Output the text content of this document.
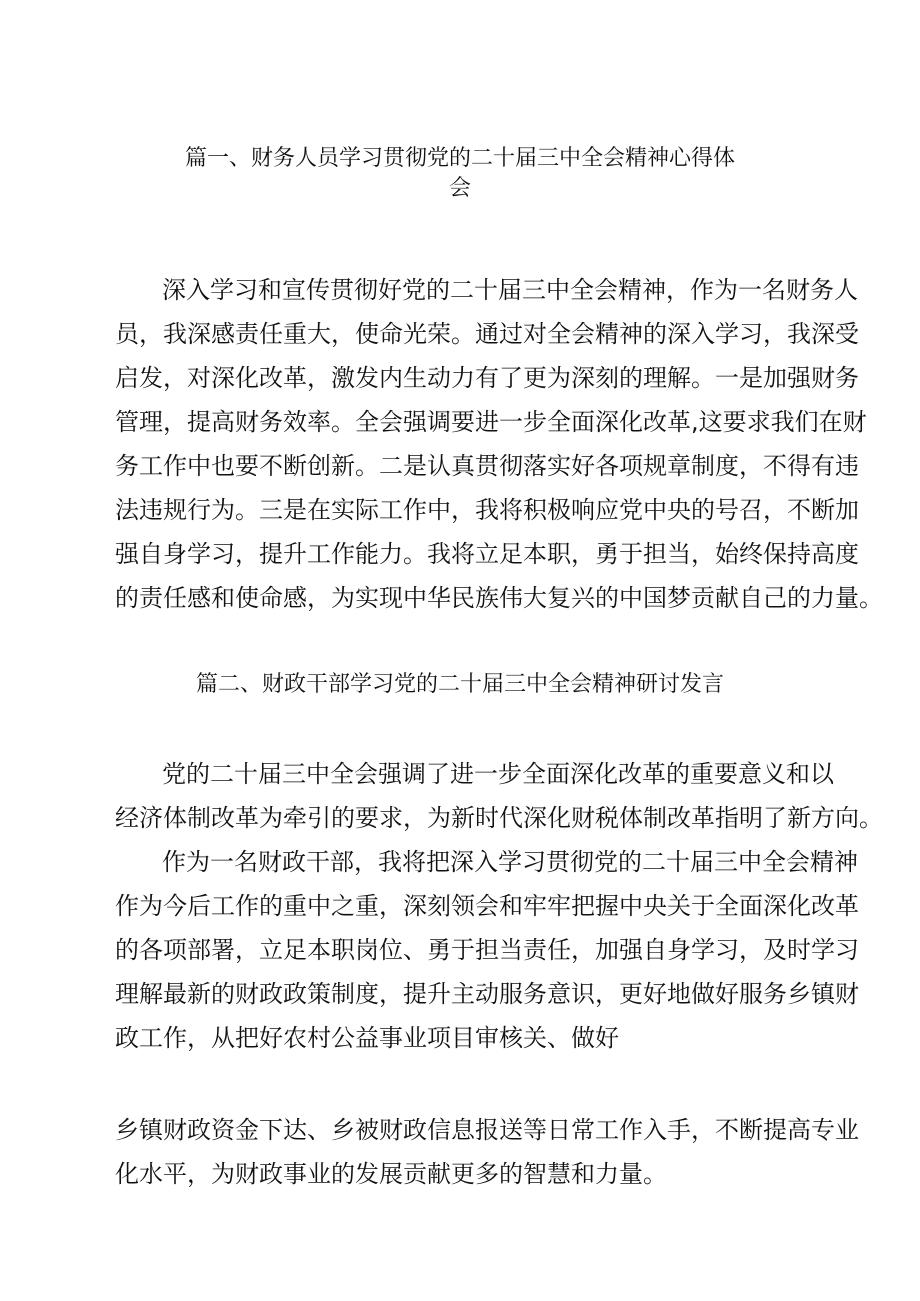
篇一、财务人员学习贯彻党的二十届三中全会精神心得体
会
深入学习和宣传贯彻好党的二十届三中全会精神，作为一名财务人
员，我深感责任重大，使命光荣。通过对全会精神的深入学习，我深受
启发，对深化改革，激发内生动力有了更为深刻的理解。一是加强财务
管理，提高财务效率。全会强调要进一步全面深化改革,这要求我们在财
务工作中也要不断创新。二是认真贯彻落实好各项规章制度，不得有违
法违规行为。三是在实际工作中，我将积极响应党中央的号召，不断加
强自身学习，提升工作能力。我将立足本职，勇于担当，始终保持高度
的责任感和使命感，为实现中华民族伟大复兴的中国梦贡献自己的力量。
篇二、财政干部学习党的二十届三中全会精神研讨发言
党的二十届三中全会强调了进一步全面深化改革的重要意义和以
经济体制改革为牵引的要求，为新时代深化财税体制改革指明了新方向。
作为一名财政干部，我将把深入学习贯彻党的二十届三中全会精神
作为今后工作的重中之重，深刻领会和牢牢把握中央关于全面深化改革
的各项部署，立足本职岗位、勇于担当责任，加强自身学习，及时学习
理解最新的财政政策制度，提升主动服务意识，更好地做好服务乡镇财
政工作，从把好农村公益事业项目审核关、做好
乡镇财政资金下达、乡被财政信息报送等日常工作入手，不断提高专业
化水平，为财政事业的发展贡献更多的智慧和力量。
